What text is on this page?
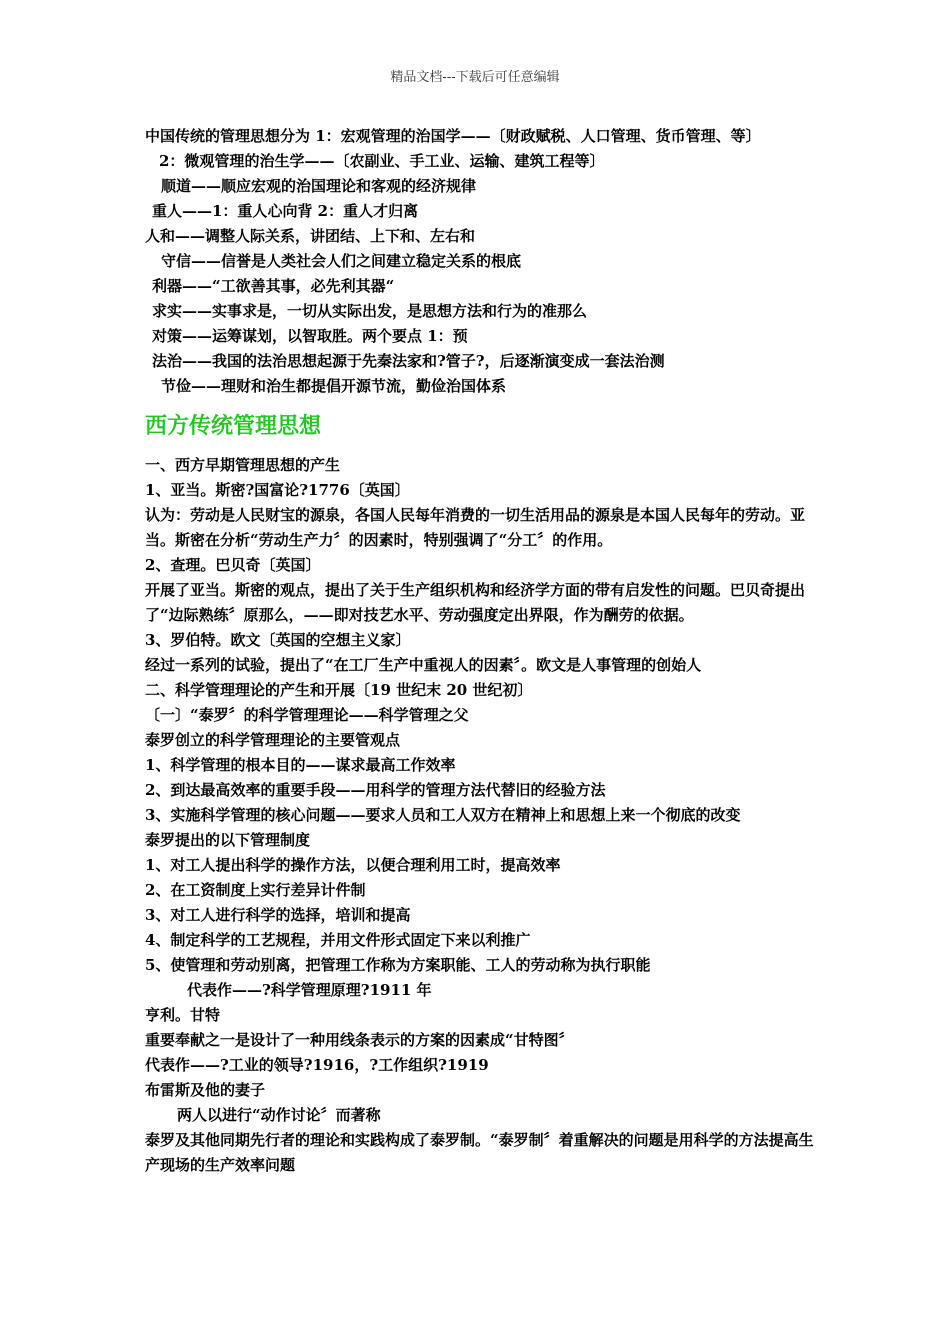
精品文档---下载后可任意编辑

中国传统的管理思想分为 1：宏观管理的治国学——〔财政赋税、人口管理、货币管理、等〕

2：微观管理的治生学——〔农副业、手工业、运输、建筑工程等〕

顺道——顺应宏观的治国理论和客观的经济规律

重人——1：重人心向背 2：重人才归离

人和——调整人际关系，讲团结、上下和、左右和

守信——信誉是人类社会人们之间建立稳定关系的根底

利器——“工欲善其事，必先利其器“

求实——实事求是，一切从实际出发，是思想方法和行为的准那么

对策——运筹谋划，以智取胜。两个要点 1：预

法治——我国的法治思想起源于先秦法家和?管子?，后逐渐演变成一套法治测

节俭——理财和治生都提倡开源节流，勤俭治国体系

西方传统管理思想

一、西方早期管理思想的产生

1、亚当。斯密?国富论?1776〔英国〕

认为：劳动是人民财宝的源泉，各国人民每年消费的一切生活用品的源泉是本国人民每年的劳动。亚当。斯密在分析“劳动生产力〞的因素时，特别强调了“分工〞的作用。

2、查理。巴贝奇〔英国〕

开展了亚当。斯密的观点，提出了关于生产组织机构和经济学方面的带有启发性的问题。巴贝奇提出了“边际熟练〞原那么，——即对技艺水平、劳动强度定出界限，作为酬劳的依据。

3、罗伯特。欧文〔英国的空想主义家〕

经过一系列的试验，提出了“在工厂生产中重视人的因素〞。欧文是人事管理的创始人

二、科学管理理论的产生和开展〔19 世纪末 20 世纪初〕

〔一〕“泰罗〞的科学管理理论——科学管理之父

泰罗创立的科学管理理论的主要管观点

1、科学管理的根本目的——谋求最高工作效率

2、到达最高效率的重要手段——用科学的管理方法代替旧的经验方法

3、实施科学管理的核心问题——要求人员和工人双方在精神上和思想上来一个彻底的改变

泰罗提出的以下管理制度

1、对工人提出科学的操作方法，以便合理利用工时，提高效率

2、在工资制度上实行差异计件制

3、对工人进行科学的选择，培训和提高

4、制定科学的工艺规程，并用文件形式固定下来以利推广

5、使管理和劳动别离，把管理工作称为方案职能、工人的劳动称为执行职能

代表作——?科学管理原理?1911 年

亨利。甘特

重要奉献之一是设计了一种用线条表示的方案的因素成“甘特图〞

代表作——?工业的领导?1916，?工作组织?1919

布雷斯及他的妻子

两人以进行“动作讨论〞而著称

泰罗及其他同期先行者的理论和实践构成了泰罗制。“泰罗制〞着重解决的问题是用科学的方法提高生产现场的生产效率问题
